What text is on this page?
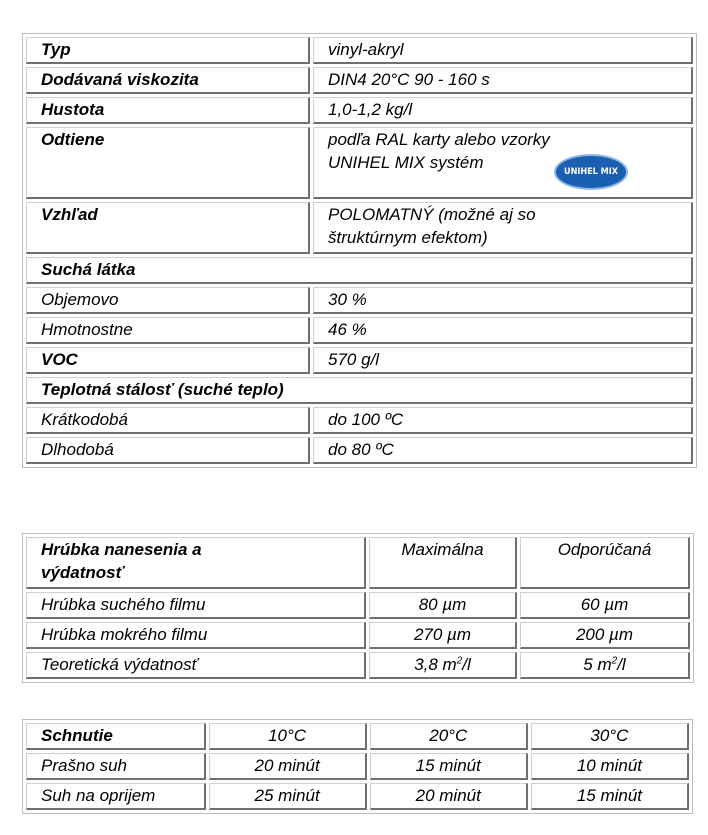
Typ	vinyl-akryl
Dodávaná viskozita	DIN4 20°C 90 - 160 s
Hustota	1,0-1,2 kg/l
Odtiene	podľa RAL karty alebo vzorky
UNIHEL MIX systém UNIHEL MIX

Vzhľad	POLOMATNÝ (možné aj so
štruktúrnym efektom)

Suchá látka	
Objemovo	30 %
Hmotnostne	46 %
VOC	570 g/l
Teplotná stálosť (suché teplo)	
Krátkodobá	do 100 ºC
Dlhodobá	do 80 ºC
Hrúbka nanesenia a
výdatnosť	Maximálna	Odporúčaná
Hrúbka suchého filmu	80 µm	60 µm
Hrúbka mokrého filmu	270 µm	200 µm
Teoretická výdatnosť	3,8 $m^2/l$	5 $m^2/l$
Schnutie	10°C	20°C	30°C
Prašno suh	20 minút	15 minút	10 minút
Suh na oprijem	25 minút	20 minút	15 minút
